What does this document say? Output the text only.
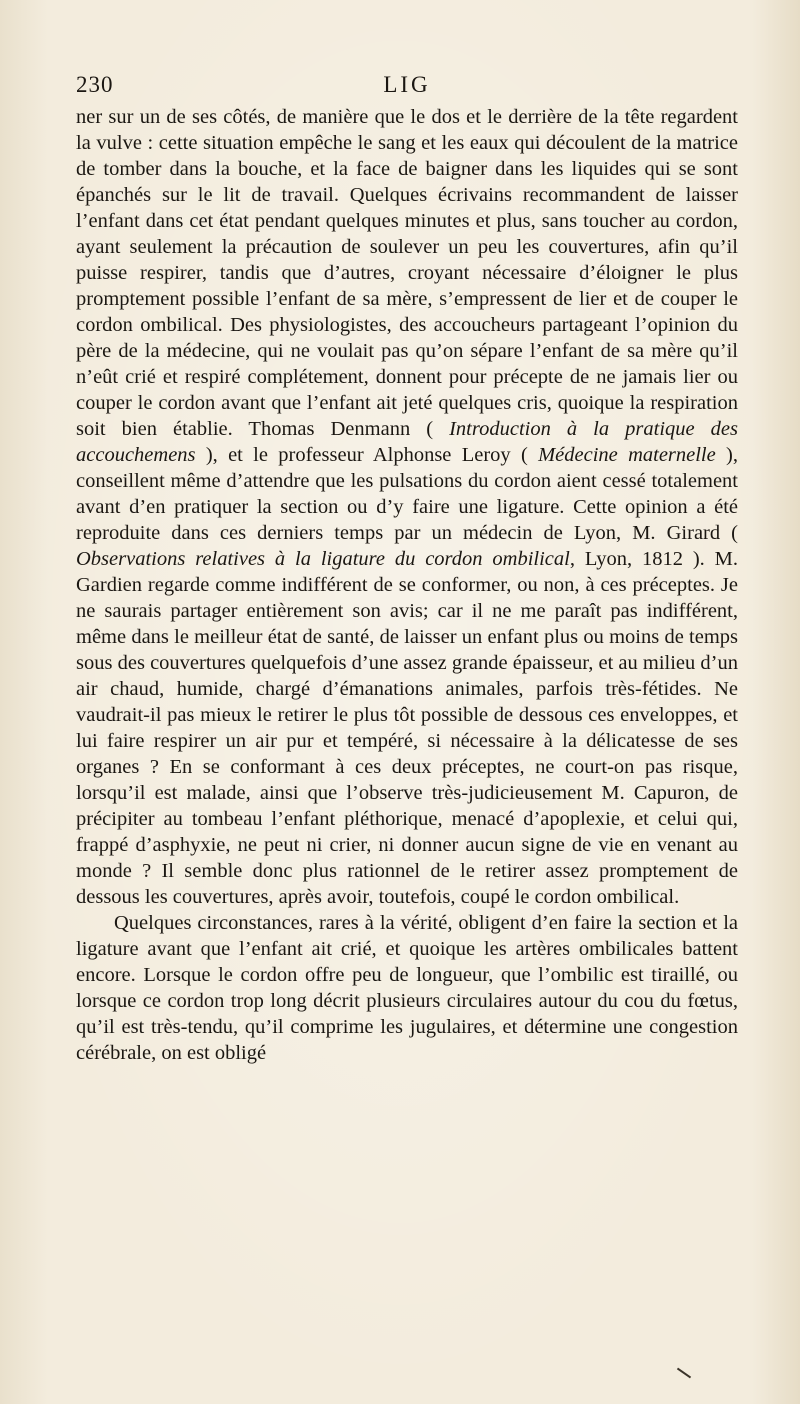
230	LIG

ner sur un de ses côtés, de manière que le dos et le derrière de la tête regardent la vulve : cette situation empêche le sang et les eaux qui découlent de la matrice de tomber dans la bouche, et la face de baigner dans les liquides qui se sont épanchés sur le lit de travail. Quelques écrivains recommandent de laisser l’enfant dans cet état pendant quelques minutes et plus, sans toucher au cordon, ayant seulement la précaution de soulever un peu les couvertures, afin qu’il puisse respirer, tandis que d’autres, croyant nécessaire d’éloigner le plus promptement possible l’enfant de sa mère, s’empressent de lier et de couper le cordon ombilical. Des physiologistes, des accoucheurs partageant l’opinion du père de la médecine, qui ne voulait pas qu’on sépare l’enfant de sa mère qu’il n’eût crié et respiré complétement, donnent pour précepte de ne jamais lier ou couper le cordon avant que l’enfant ait jeté quelques cris, quoique la respiration soit bien établie. Thomas Denmann ( Introduction à la pratique des accouchemens ), et le professeur Alphonse Leroy ( Médecine maternelle ), conseillent même d’attendre que les pulsations du cordon aient cessé totalement avant d’en pratiquer la section ou d’y faire une ligature. Cette opinion a été reproduite dans ces derniers temps par un médecin de Lyon, M. Girard ( Observations relatives à la ligature du cordon ombilical, Lyon, 1812 ). M. Gardien regarde comme indifférent de se conformer, ou non, à ces préceptes. Je ne saurais partager entièrement son avis; car il ne me paraît pas indifférent, même dans le meilleur état de santé, de laisser un enfant plus ou moins de temps sous des couvertures quelquefois d’une assez grande épaisseur, et au milieu d’un air chaud, humide, chargé d’émanations animales, parfois très-fétides. Ne vaudrait-il pas mieux le retirer le plus tôt possible de dessous ces enveloppes, et lui faire respirer un air pur et tempéré, si nécessaire à la délicatesse de ses organes ? En se conformant à ces deux préceptes, ne court-on pas risque, lorsqu’il est malade, ainsi que l’observe très-judicieusement M. Capuron, de précipiter au tombeau l’enfant pléthorique, menacé d’apoplexie, et celui qui, frappé d’asphyxie, ne peut ni crier, ni donner aucun signe de vie en venant au monde ? Il semble donc plus rationnel de le retirer assez promptement de dessous les couvertures, après avoir, toutefois, coupé le cordon ombilical.

Quelques circonstances, rares à la vérité, obligent d’en faire la section et la ligature avant que l’enfant ait crié, et quoique les artères ombilicales battent encore. Lorsque le cordon offre peu de longueur, que l’ombilic est tiraillé, ou lorsque ce cordon trop long décrit plusieurs circulaires autour du cou du fœtus, qu’il est très-tendu, qu’il comprime les jugulaires, et détermine une congestion cérébrale, on est obligé
